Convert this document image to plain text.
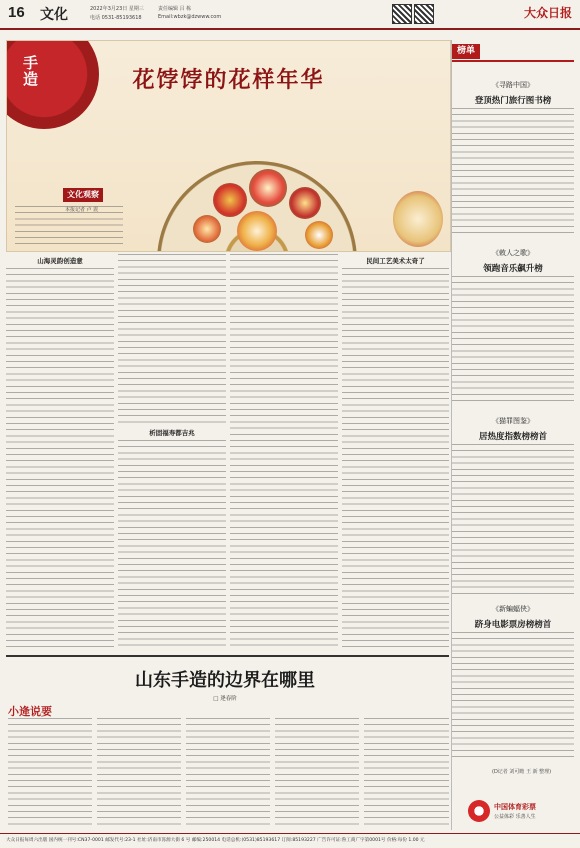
16 文化	2022年3月23日 星期三	责任编辑 吕 栋
电话 0531-85193618	Email:wbzk@dzwww.com	大众日报
手造	花饽饽的花样年华
文化观察
本报记者 卢 震
山海灵韵创造意
析固福寿都吉兆
民间工艺美术太奇了
山东手造的边界在哪里
□ 逄春阶
小逄说要
榜单
《寻路中国》
登顶热门旅行图书榜
《敕人之歌》
领跑音乐飙升榜
《猫罪图鉴》
居热度指数榜榜首
《新蝙蝠侠》
跻身电影票房榜榜首
(D记者 刘可瞻 王 新 整理)
中国体育彩票
公益体彩 乐善人生
大众日报每周六出版 国内统一刊号:CN37-0001 邮发代号:23-1 社址:济南市泺源大街 6 号 邮编:250014 电话总机:(0531)85193617 订阅:85193227 广告许可证:鲁工商广字第0001号 价格:每份 1.00 元
